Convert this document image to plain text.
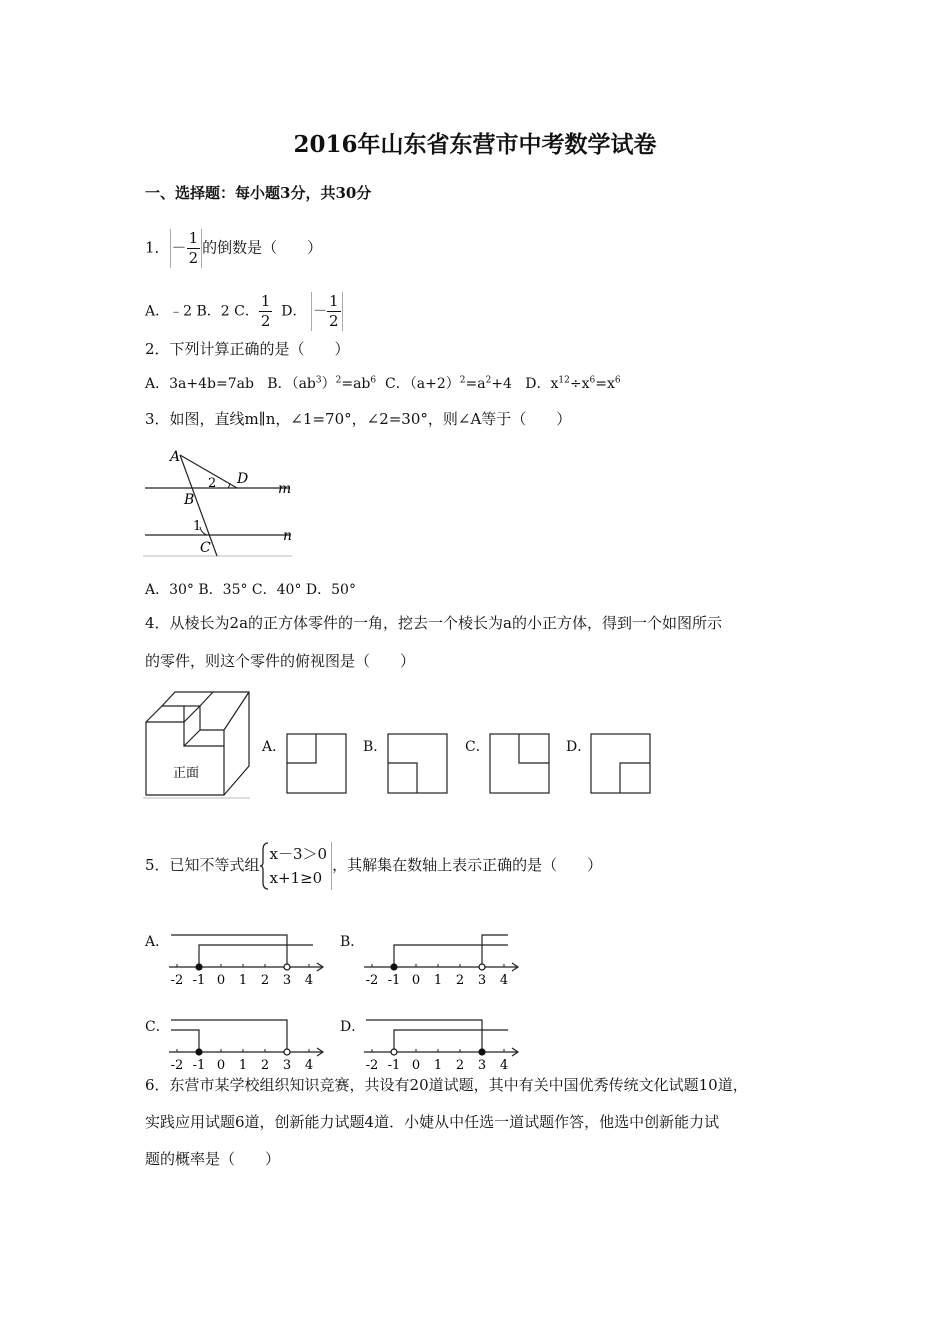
2016年山东省东营市中考数学试卷
一、选择题：每小题3分，共30分
1． － $\frac{1}{2}$ 的倒数是（　　）
A．﹣2 B．2 C． $\frac{1}{2}$ D． － $\frac{1}{2}$
2．下列计算正确的是（　　）
A．3a+4b=7ab B．$(ab^3)^2=ab^6$ C．$(a+2)^2=a^2+4$ D．$x^{12}\div x^6=x^6$
3．如图，直线m∥n，∠1=70°，∠2=30°，则∠A等于（　　）
A
B
C
D
m
n
1
2
A．30° B．35° C．40° D．50°
4．从棱长为2a的正方体零件的一角，挖去一个棱长为a的小正方体，得到一个如图所示
的零件，则这个零件的俯视图是（　　）
正面
A．	B．	C．	D．
5．已知不等式组
x－3＞0
x+1≥0
，其解集在数轴上表示正确的是（　　）
A．
-2 -1 0 1 2 3 4
B．
-2 -1 0 1 2 3 4
C．
-2 -1 0 1 2 3 4
D．
-2 -1 0 1 2 3 4
6．东营市某学校组织知识竞赛，共设有20道试题，其中有关中国优秀传统文化试题10道，
实践应用试题6道，创新能力试题4道．小婕从中任选一道试题作答，他选中创新能力试
题的概率是（　　）
